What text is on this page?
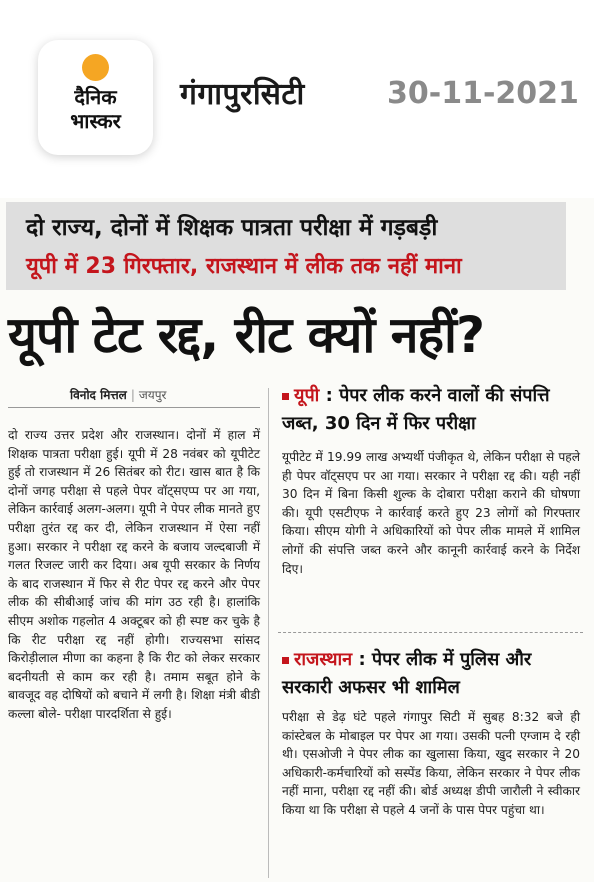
दैनिक
भास्कर
गंगापुरसिटी	30-11-2021
दो राज्य, दोनों में शिक्षक पात्रता परीक्षा में गड़बड़ी
यूपी में 23 गिरफ्तार, राजस्थान में लीक तक नहीं माना
यूपी टेट रद्द, रीट क्यों नहीं?
विनोद मित्तल | जयपुर
दो राज्य उत्तर प्रदेश और राजस्थान। दोनों में हाल में शिक्षक पात्रता परीक्षा हुई। यूपी में 28 नवंबर को यूपीटेट हुई तो राजस्थान में 26 सितंबर को रीट। खास बात है कि दोनों जगह परीक्षा से पहले पेपर वॉट्सएप्प पर आ गया, लेकिन कार्रवाई अलग-अलग। यूपी ने पेपर लीक मानते हुए परीक्षा तुरंत रद्द कर दी, लेकिन राजस्थान में ऐसा नहीं हुआ। सरकार ने परीक्षा रद्द करने के बजाय जल्दबाजी में गलत रिजल्ट जारी कर दिया। अब यूपी सरकार के निर्णय के बाद राजस्थान में फिर से रीट पेपर रद्द करने और पेपर लीक की सीबीआई जांच की मांग उठ रही है। हालांकि सीएम अशोक गहलोत 4 अक्टूबर को ही स्पष्ट कर चुके है कि रीट परीक्षा रद्द नहीं होगी। राज्यसभा सांसद किरोड़ीलाल मीणा का कहना है कि रीट को लेकर सरकार बदनीयती से काम कर रही है। तमाम सबूत होने के बावजूद वह दोषियों को बचाने में लगी है। शिक्षा मंत्री बीडी कल्ला बोले- परीक्षा पारदर्शिता से हुई।
यूपी : पेपर लीक करने वालों की संपत्ति जब्त, 30 दिन में फिर परीक्षा
यूपीटेट में 19.99 लाख अभ्यर्थी पंजीकृत थे, लेकिन परीक्षा से पहले ही पेपर वॉट्सएप पर आ गया। सरकार ने परीक्षा रद्द की। यही नहीं 30 दिन में बिना किसी शुल्क के दोबारा परीक्षा कराने की घोषणा की। यूपी एसटीएफ ने कार्रवाई करते हुए 23 लोगों को गिरफ्तार किया। सीएम योगी ने अधिकारियों को पेपर लीक मामले में शामिल लोगों की संपत्ति जब्त करने और कानूनी कार्रवाई करने के निर्देश दिए।
राजस्थान : पेपर लीक में पुलिस और सरकारी अफसर भी शामिल
परीक्षा से डेढ़ घंटे पहले गंगापुर सिटी में सुबह 8:32 बजे ही कांस्टेबल के मोबाइल पर पेपर आ गया। उसकी पत्नी एग्जाम दे रही थी। एसओजी ने पेपर लीक का खुलासा किया, खुद सरकार ने 20 अधिकारी-कर्मचारियों को सस्पेंड किया, लेकिन सरकार ने पेपर लीक नहीं माना, परीक्षा रद्द नहीं की। बोर्ड अध्यक्ष डीपी जारौली ने स्वीकार किया था कि परीक्षा से पहले 4 जनों के पास पेपर पहुंचा था।
